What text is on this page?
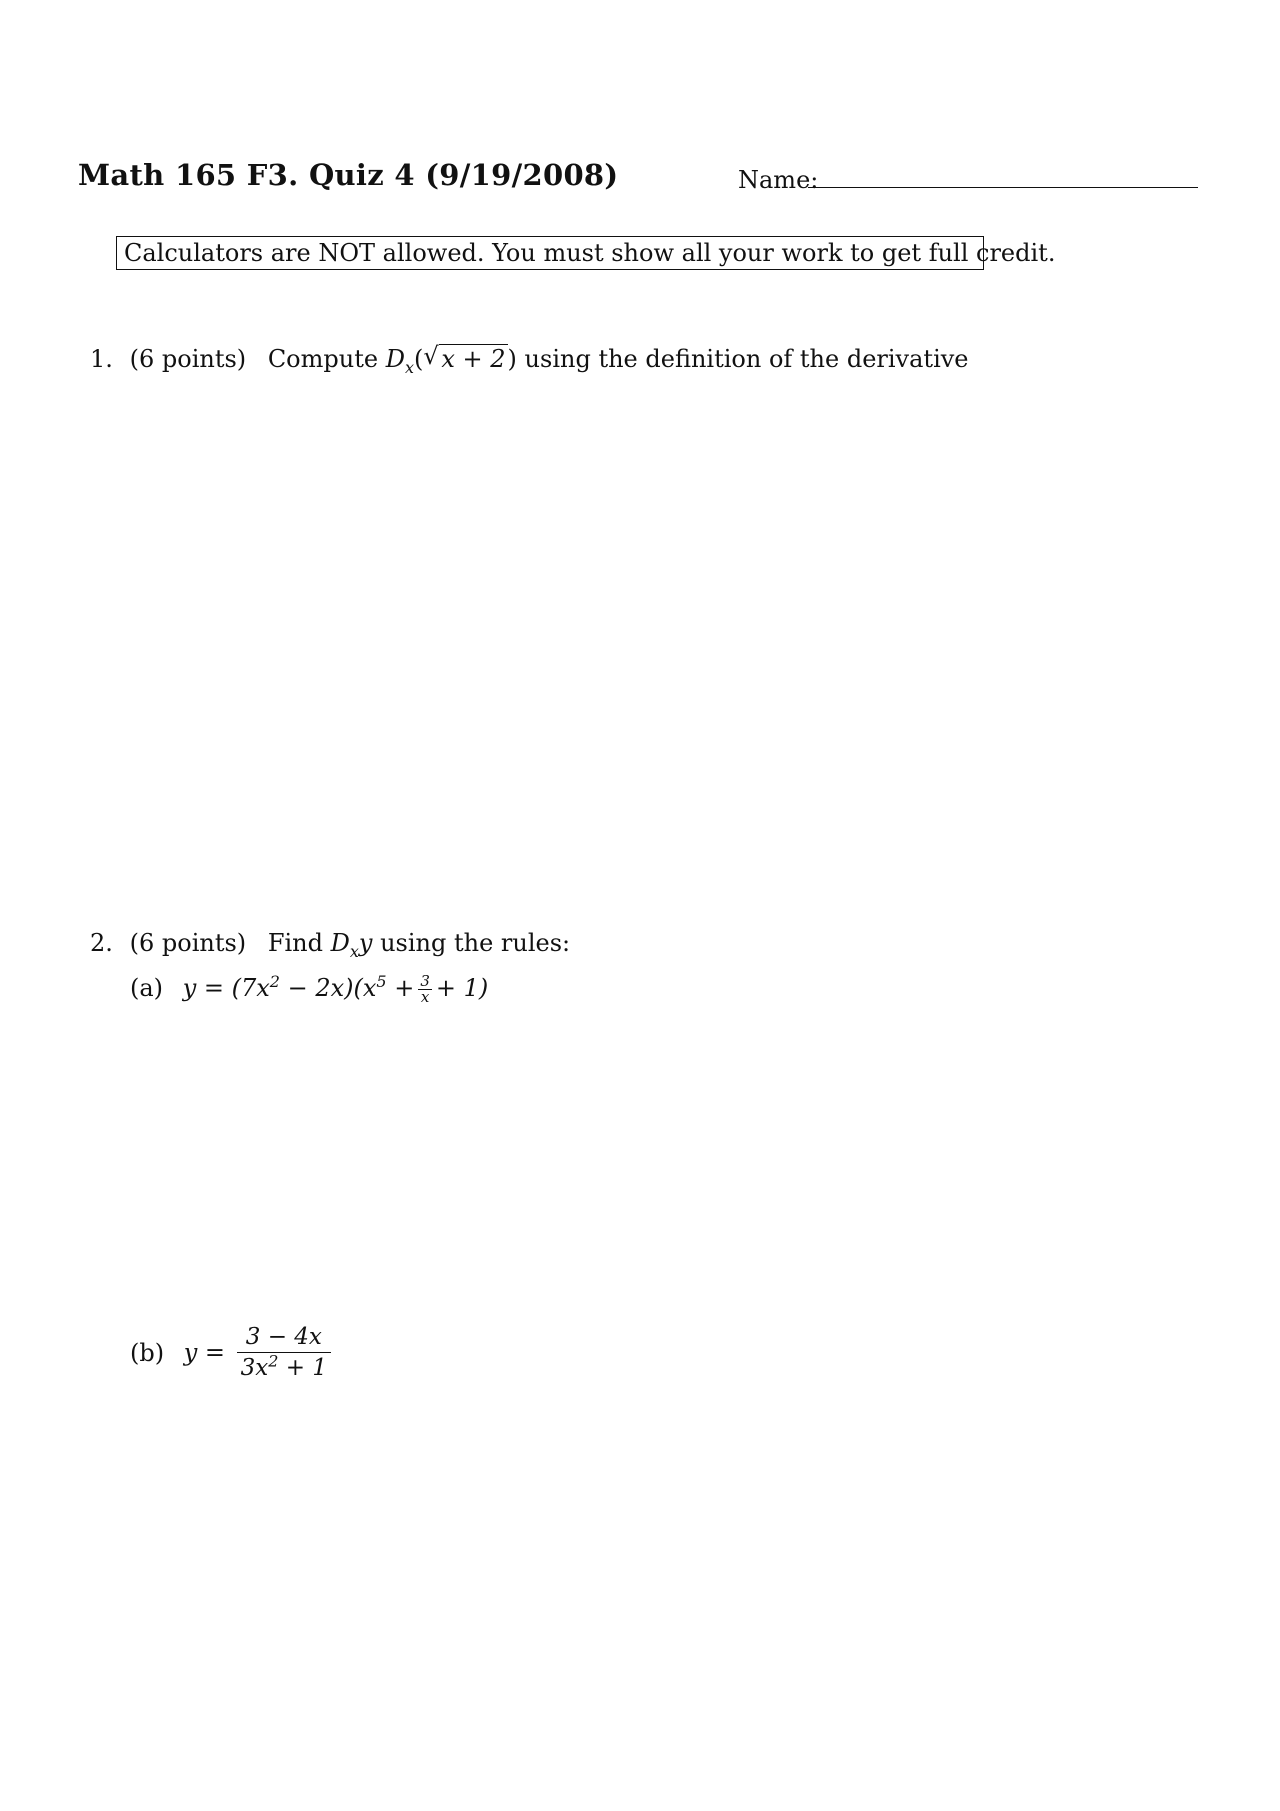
Math 165 F3. Quiz 4 (9/19/2008)	Name:
Calculators are NOT allowed. You must show all your work to get full credit.
1. (6 points) Compute $D_x$( √ x + 2) using the definition of the derivative
2. (6 points) Find $D_xy$ using the rules:
(a) $y = (7x^2 - 2x)(x^5 + \frac{3}{x} + 1)$
(b) $y = \frac{3 - 4x}{3x^2 + 1}$
